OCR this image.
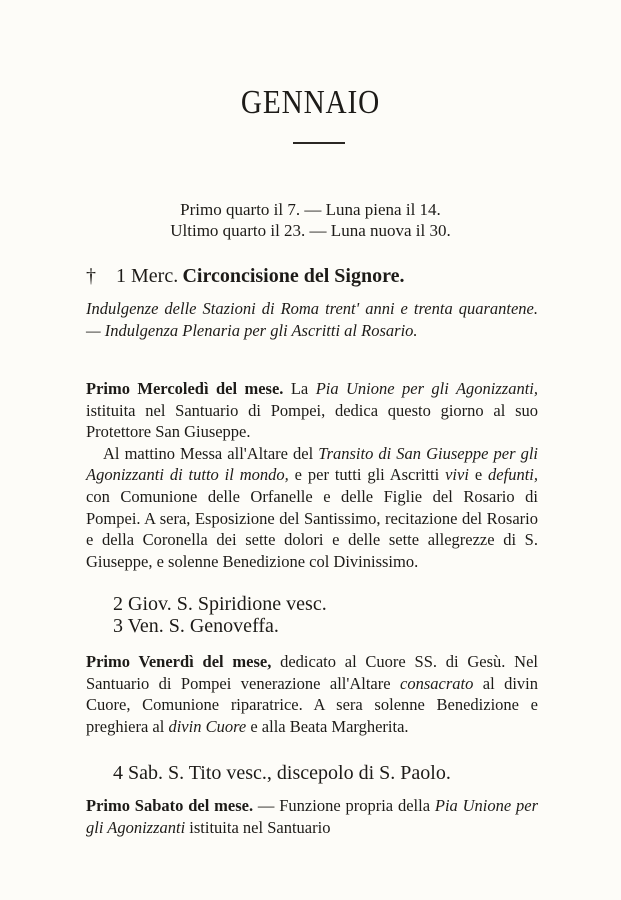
GENNAIO
Primo quarto il 7. — Luna piena il 14.
Ultimo quarto il 23. — Luna nuova il 30.
† 1 Merc. Circoncisione del Signore.
Indulgenze delle Stazioni di Roma trent' anni e trenta quarantene. — Indulgenza Plenaria per gli Ascritti al Rosario.

Primo Mercoledì del mese. La Pia Unione per gli Agonizzanti, istituita nel Santuario di Pompei, dedica questo giorno al suo Protettore San Giuseppe.

Al mattino Messa all'Altare del Transito di San Giuseppe per gli Agonizzanti di tutto il mondo, e per tutti gli Ascritti vivi e defunti, con Comunione delle Orfanelle e delle Figlie del Rosario di Pompei. A sera, Esposizione del Santissimo, recitazione del Rosario e della Coronella dei sette dolori e delle sette allegrezze di S. Giuseppe, e solenne Benedizione col Divinissimo.

2 Giov. S. Spiridione vesc.
3 Ven. S. Genoveffa.

Primo Venerdì del mese, dedicato al Cuore SS. di Gesù. Nel Santuario di Pompei venerazione all'Altare consacrato al divin Cuore, Comunione riparatrice. A sera solenne Benedizione e preghiera al divin Cuore e alla Beata Margherita.

4 Sab. S. Tito vesc., discepolo di S. Paolo.

Primo Sabato del mese. — Funzione propria della Pia Unione per gli Agonizzanti istituita nel Santuario
